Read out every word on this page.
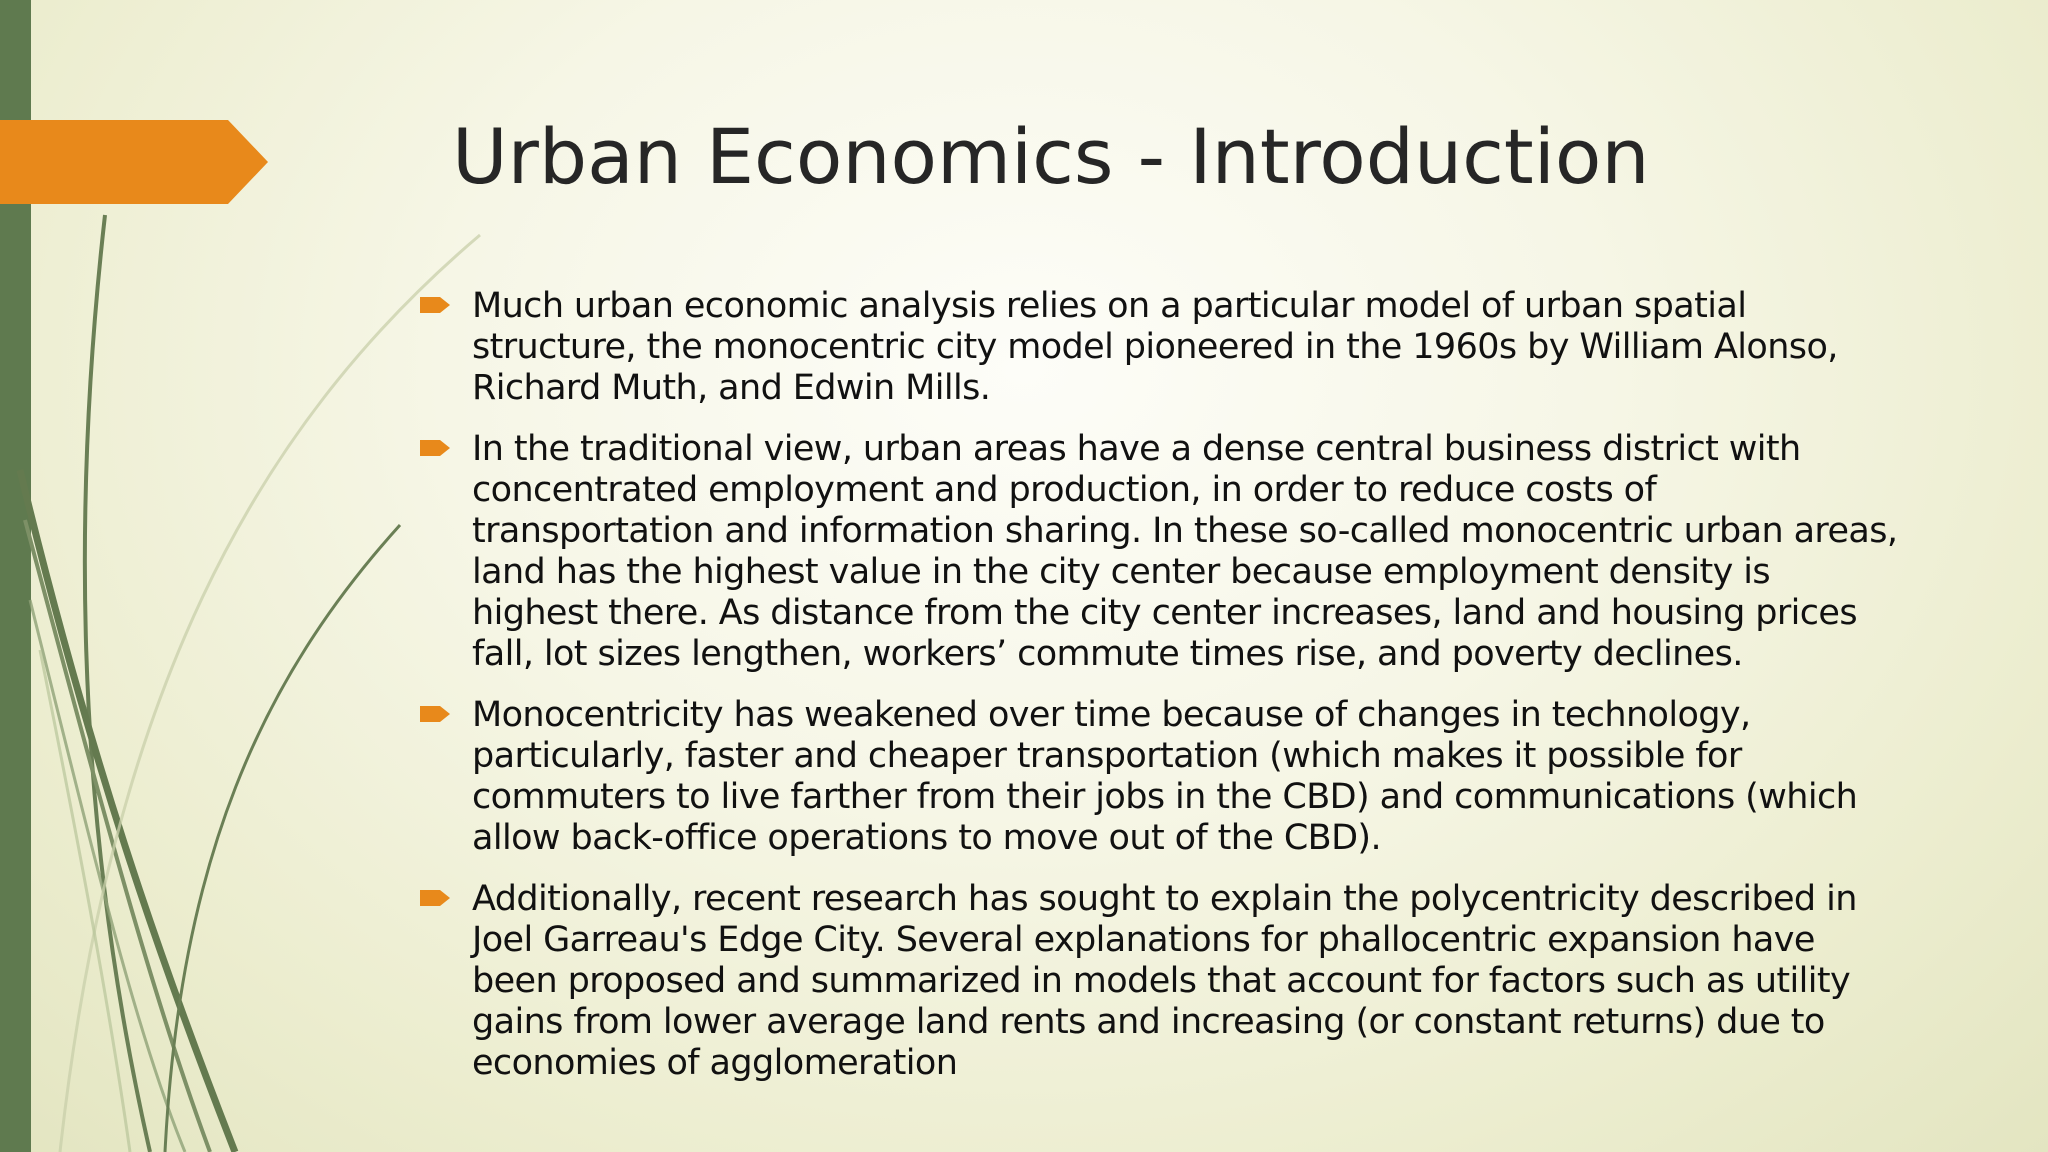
Urban Economics - Introduction
Much urban economic analysis relies on a particular model of urban spatial structure, the monocentric city model pioneered in the 1960s by William Alonso, Richard Muth, and Edwin Mills.
In the traditional view, urban areas have a dense central business district with concentrated employment and production, in order to reduce costs of transportation and information sharing. In these so-called monocentric urban areas, land has the highest value in the city center because employment density is highest there. As distance from the city center increases, land and housing prices fall, lot sizes lengthen, workers’ commute times rise, and poverty declines.
Monocentricity has weakened over time because of changes in technology, particularly, faster and cheaper transportation (which makes it possible for commuters to live farther from their jobs in the CBD) and communications (which allow back-office operations to move out of the CBD).
Additionally, recent research has sought to explain the polycentricity described in Joel Garreau's Edge City. Several explanations for phallocentric expansion have been proposed and summarized in models that account for factors such as utility gains from lower average land rents and increasing (or constant returns) due to economies of agglomeration
